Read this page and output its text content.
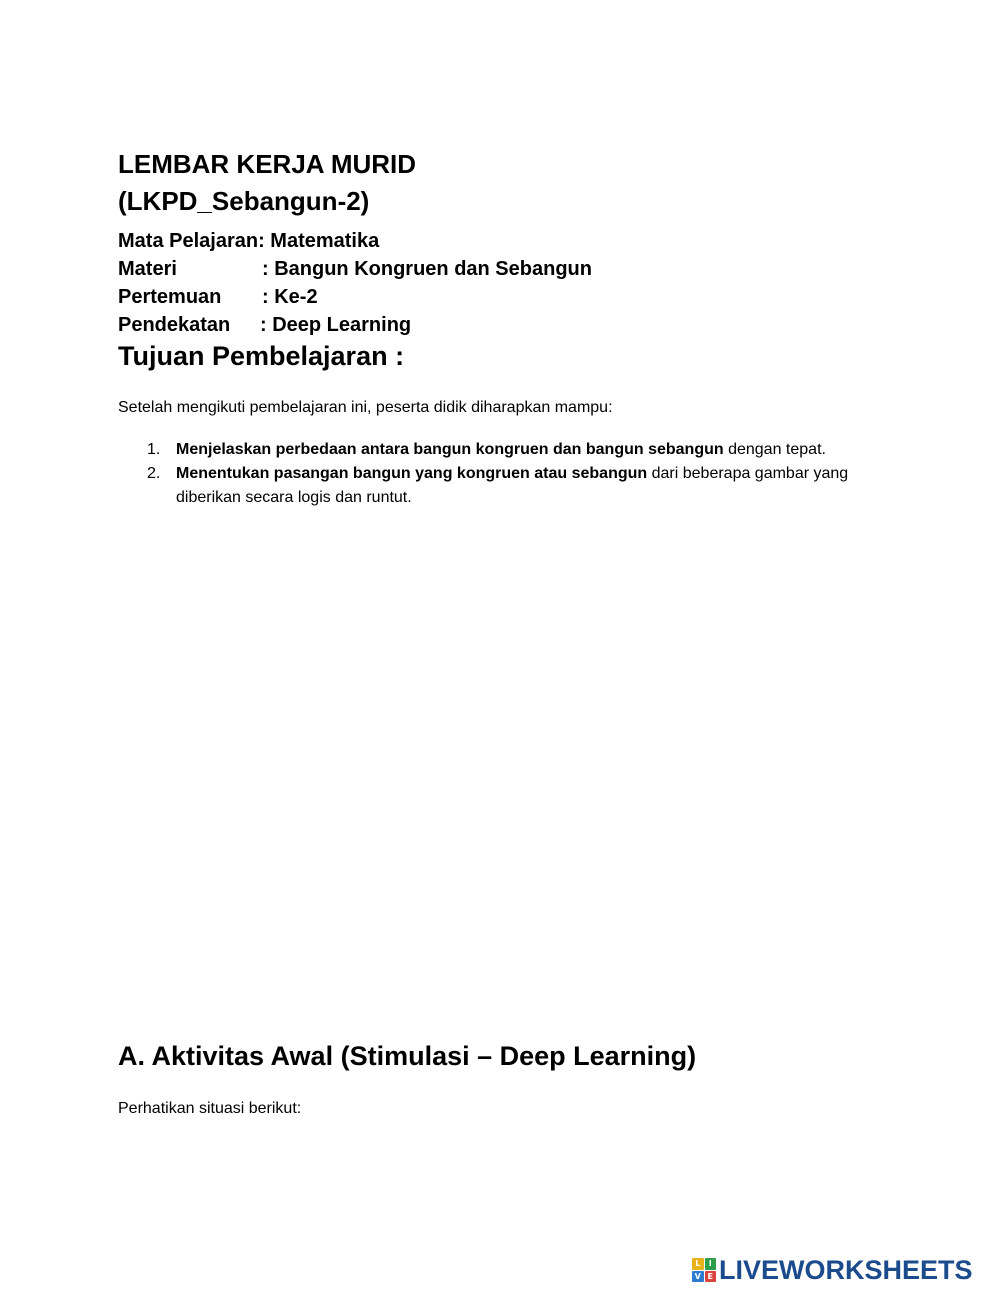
LEMBAR KERJA MURID
(LKPD_Sebangun-2)
Mata Pelajaran: Matematika
Materi	: Bangun Kongruen dan Sebangun
Pertemuan : Ke-2
Pendekatan : Deep Learning
Tujuan Pembelajaran :
Setelah mengikuti pembelajaran ini, peserta didik diharapkan mampu:
1. Menjelaskan perbedaan antara bangun kongruen dan bangun sebangun dengan tepat.
2. Menentukan pasangan bangun yang kongruen atau sebangun dari beberapa gambar yang diberikan secara logis dan runtut.
A. Aktivitas Awal (Stimulasi – Deep Learning)
Perhatikan situasi berikut:
L	I
V E LIVEWORKSHEETS
